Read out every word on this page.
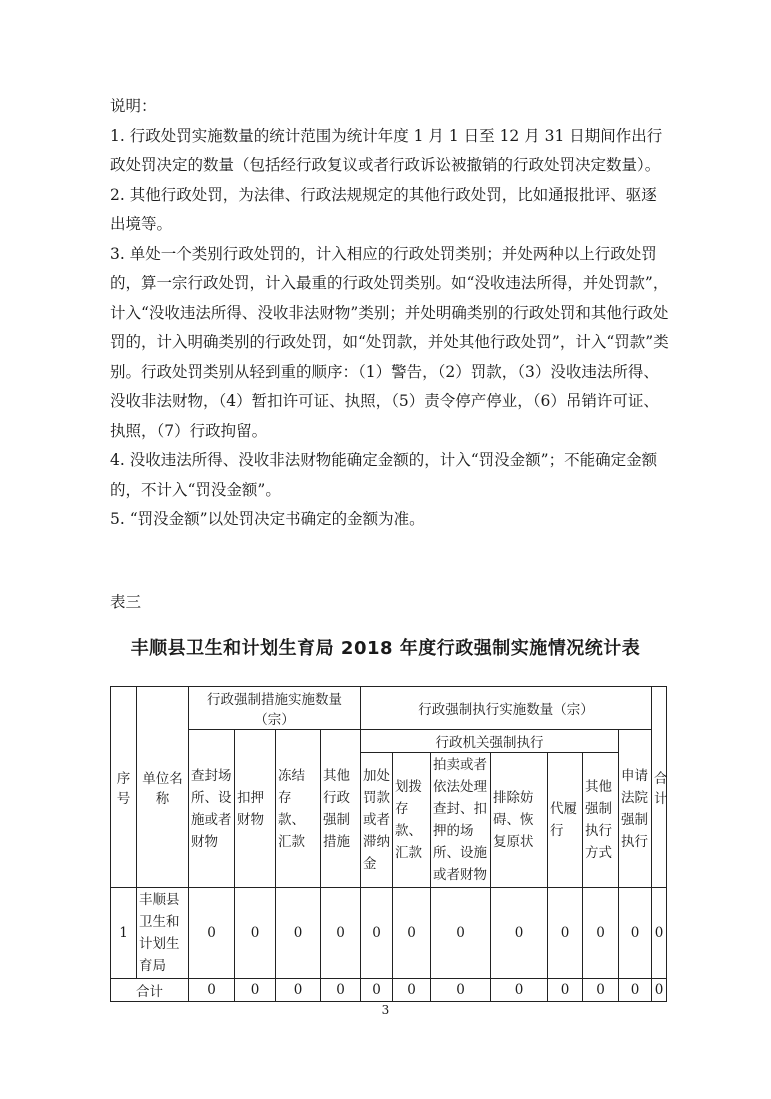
说明：

1. 行政处罚实施数量的统计范围为统计年度 1 月 1 日至 12 月 31 日期间作出行政处罚决定的数量（包括经行政复议或者行政诉讼被撤销的行政处罚决定数量）。

2. 其他行政处罚，为法律、行政法规规定的其他行政处罚，比如通报批评、驱逐出境等。

3. 单处一个类别行政处罚的，计入相应的行政处罚类别；并处两种以上行政处罚的，算一宗行政处罚，计入最重的行政处罚类别。如“没收违法所得，并处罚款”，计入“没收违法所得、没收非法财物”类别；并处明确类别的行政处罚和其他行政处罚的，计入明确类别的行政处罚，如“处罚款，并处其他行政处罚”，计入“罚款”类别。行政处罚类别从轻到重的顺序：（1）警告，（2）罚款，（3）没收违法所得、没收非法财物，（4）暂扣许可证、执照，（5）责令停产停业，（6）吊销许可证、执照，（7）行政拘留。

4. 没收违法所得、没收非法财物能确定金额的，计入“罚没金额”；不能确定金额的，不计入“罚没金额”。

5. “罚没金额”以处罚决定书确定的金额为准。

表三
丰顺县卫生和计划生育局 2018 年度行政强制实施情况统计表
序号	单位名称	行政强制措施实施数量（宗）				行政强制执行实施数量（宗）							合计
		查封场所、设施或者财物	扣押财物	冻结存款、汇款	其他行政强制措施	行政机关强制执行						申请法院强制执行	
						加处罚款或者滞纳金	划拨存款、汇款	拍卖或者依法处理查封、扣押的场所、设施或者财物	排除妨碍、恢复原状	代履行	其他强制执行方式		
1	丰顺县卫生和计划生育局	0	0	0	0	0	0	0	0	0	0	0	0
合计		0	0	0	0	0	0	0	0	0	0	0	0
3
